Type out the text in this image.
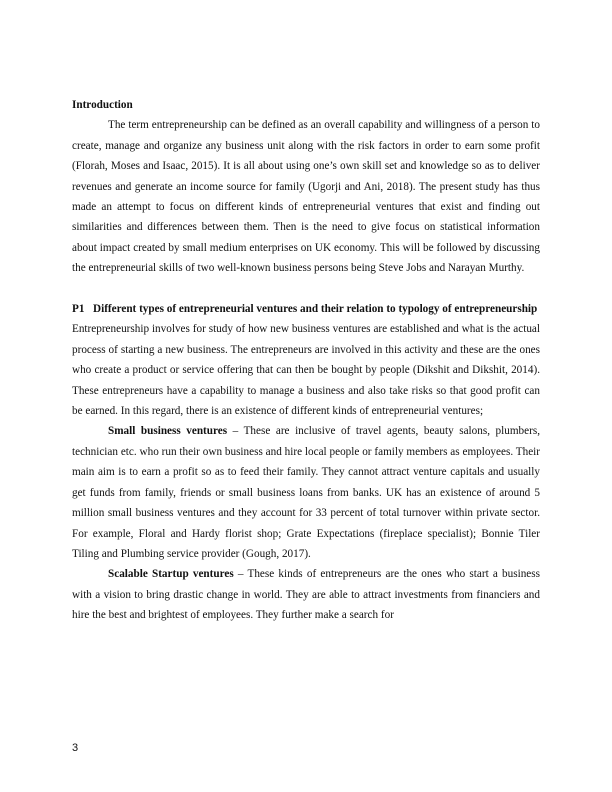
Introduction

The term entrepreneurship can be defined as an overall capability and willingness of a person to create, manage and organize any business unit along with the risk factors in order to earn some profit (Florah, Moses and Isaac, 2015). It is all about using one’s own skill set and knowledge so as to deliver revenues and generate an income source for family (Ugorji and Ani, 2018). The present study has thus made an attempt to focus on different kinds of entrepreneurial ventures that exist and finding out similarities and differences between them. Then is the need to give focus on statistical information about impact created by small medium enterprises on UK economy. This will be followed by discussing the entrepreneurial skills of two well-known business persons being Steve Jobs and Narayan Murthy.

P1 Different types of entrepreneurial ventures and their relation to typology of entrepreneurship

Entrepreneurship involves for study of how new business ventures are established and what is the actual process of starting a new business. The entrepreneurs are involved in this activity and these are the ones who create a product or service offering that can then be bought by people (Dikshit and Dikshit, 2014). These entrepreneurs have a capability to manage a business and also take risks so that good profit can be earned. In this regard, there is an existence of different kinds of entrepreneurial ventures;

Small business ventures – These are inclusive of travel agents, beauty salons, plumbers, technician etc. who run their own business and hire local people or family members as employees. Their main aim is to earn a profit so as to feed their family. They cannot attract venture capitals and usually get funds from family, friends or small business loans from banks. UK has an existence of around 5 million small business ventures and they account for 33 percent of total turnover within private sector. For example, Floral and Hardy florist shop; Grate Expectations (fireplace specialist); Bonnie Tiler Tiling and Plumbing service provider (Gough, 2017).

Scalable Startup ventures – These kinds of entrepreneurs are the ones who start a business with a vision to bring drastic change in world. They are able to attract investments from financiers and hire the best and brightest of employees. They further make a search for

3
